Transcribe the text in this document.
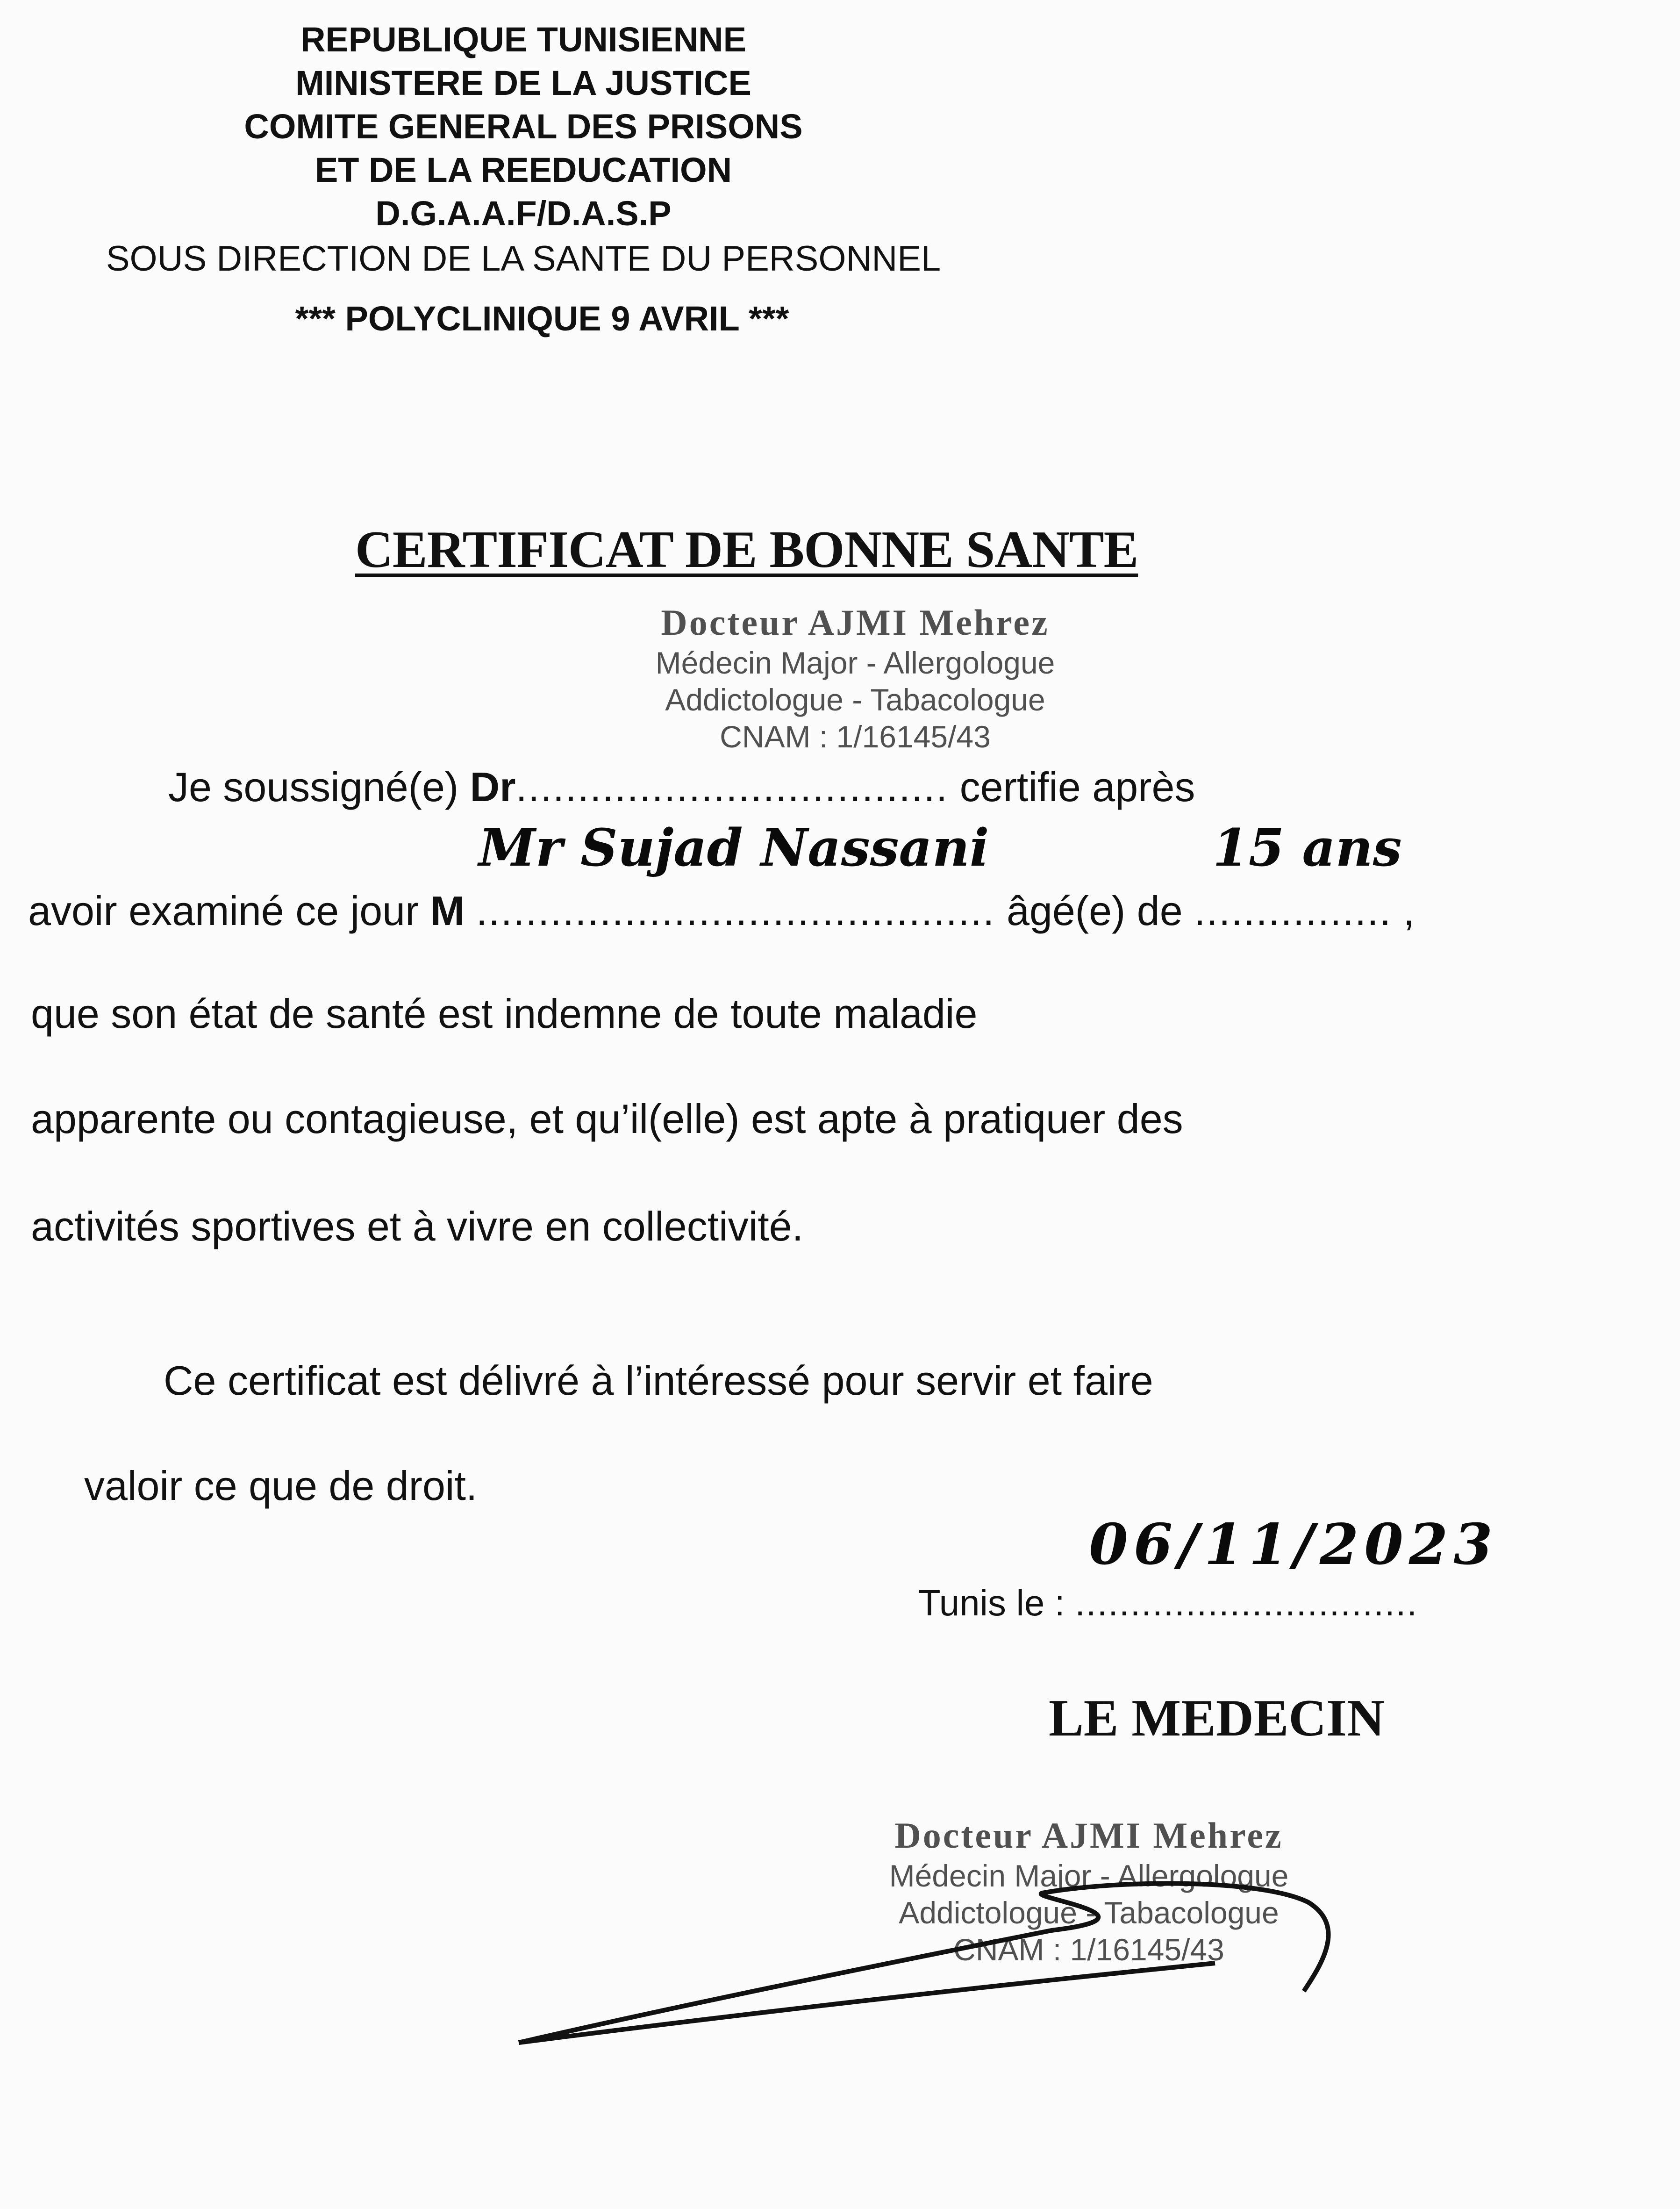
REPUBLIQUE TUNISIENNE
MINISTERE DE LA JUSTICE
COMITE GENERAL DES PRISONS
ET DE LA REEDUCATION
D.G.A.A.F/D.A.S.P
SOUS DIRECTION DE LA SANTE DU PERSONNEL
*** POLYCLINIQUE 9 AVRIL ***
CERTIFICAT DE BONNE SANTE
Docteur AJMI Mehrez
Médecin Major - Allergologue
Addictologue - Tabacologue
CNAM : 1/16145/43
Je soussigné(e) Dr................................... certifie après
avoir examiné ce jour M ..........................................
Mr Sujad Nassani
âgé(e) de ................
15 ans
,
que son état de santé est indemne de toute maladie
apparente ou contagieuse, et qu’il(elle) est apte à pratiquer des
activités sportives et à vivre en collectivité.
Ce certificat est délivré à l’intéressé pour servir et faire
valoir ce que de droit.
Tunis le : ...............................
06/11/2023
LE MEDECIN
Docteur AJMI Mehrez
Médecin Major - Allergologue
Addictologue - Tabacologue
CNAM : 1/16145/43
